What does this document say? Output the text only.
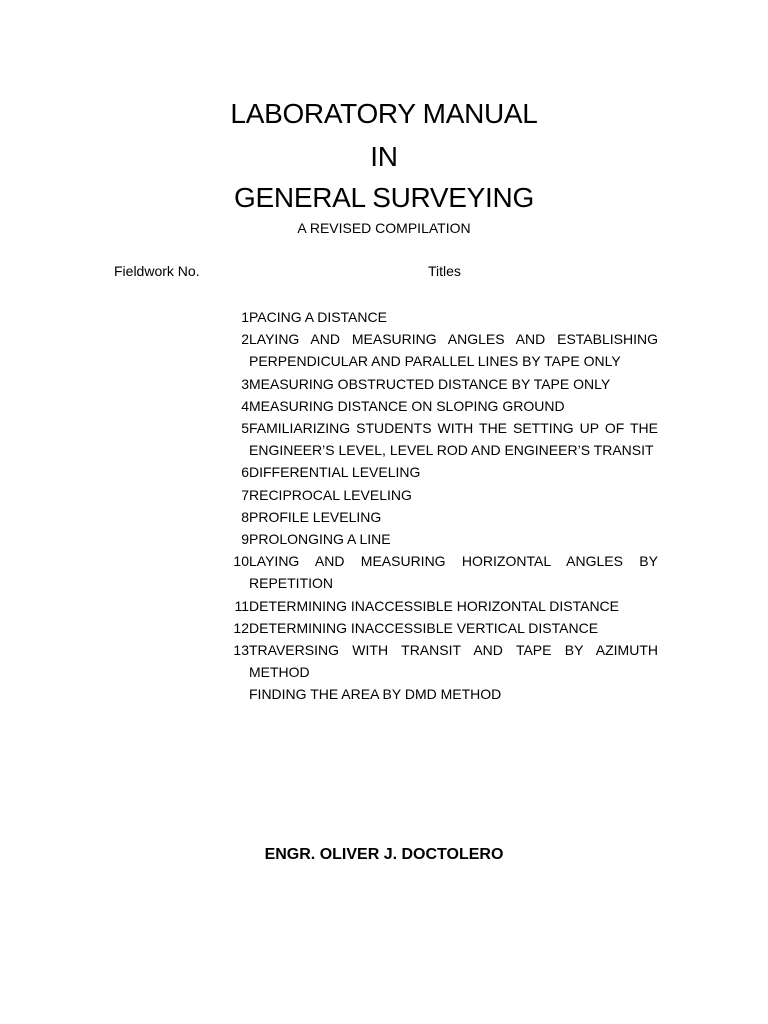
LABORATORY MANUAL
IN
GENERAL SURVEYING
A REVISED COMPILATION
Fieldwork No.	Titles
1 PACING A DISTANCE
2 LAYING AND MEASURING ANGLES AND ESTABLISHING PERPENDICULAR AND PARALLEL LINES BY TAPE ONLY
3 MEASURING OBSTRUCTED DISTANCE BY TAPE ONLY
4 MEASURING DISTANCE ON SLOPING GROUND
5 FAMILIARIZING STUDENTS WITH THE SETTING UP OF THE ENGINEER’S LEVEL, LEVEL ROD AND ENGINEER’S TRANSIT
6 DIFFERENTIAL LEVELING
7 RECIPROCAL LEVELING
8 PROFILE LEVELING
9 PROLONGING A LINE
10 LAYING AND MEASURING HORIZONTAL ANGLES BY REPETITION
11 DETERMINING INACCESSIBLE HORIZONTAL DISTANCE
12 DETERMINING INACCESSIBLE VERTICAL DISTANCE
13 TRAVERSING WITH TRANSIT AND TAPE BY AZIMUTH METHOD
FINDING THE AREA BY DMD METHOD
ENGR. OLIVER J. DOCTOLERO
